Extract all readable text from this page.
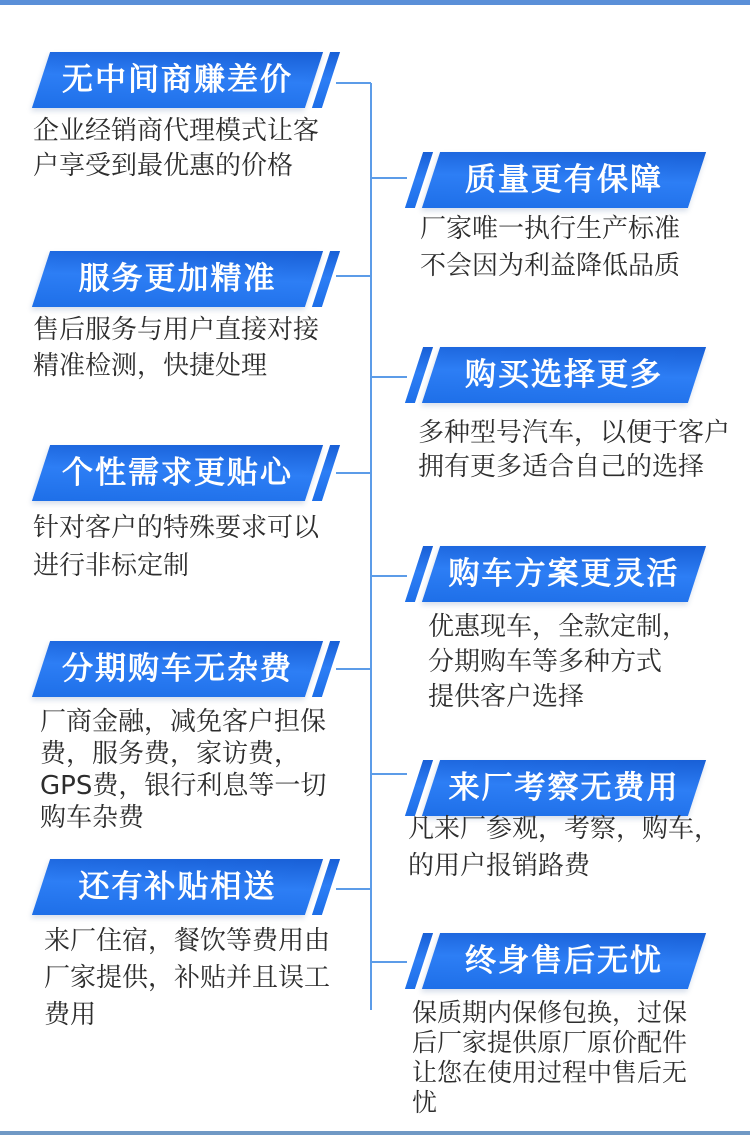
无中间商赚差价
企业经销商代理模式让客
户享受到最优惠的价格	质量更有保障
厂家唯一执行生产标准
不会因为利益降低品质
服务更加精准
售后服务与用户直接对接
精准检测，快捷处理	购买选择更多
多种型号汽车，以便于客户
拥有更多适合自己的选择
个性需求更贴心
针对客户的特殊要求可以
进行非标定制	购车方案更灵活
优惠现车，全款定制，
分期购车等多种方式
提供客户选择
分期购车无杂费
厂商金融，减免客户担保
费，服务费，家访费，
GPS费，银行利息等一切
购车杂费
来厂考察无费用
凡来厂参观，考察，购车，
的用户报销路费
还有补贴相送
来厂住宿，餐饮等费用由
厂家提供，补贴并且误工
费用
终身售后无忧
保质期内保修包换，过保
后厂家提供原厂原价配件
让您在使用过程中售后无
忧
